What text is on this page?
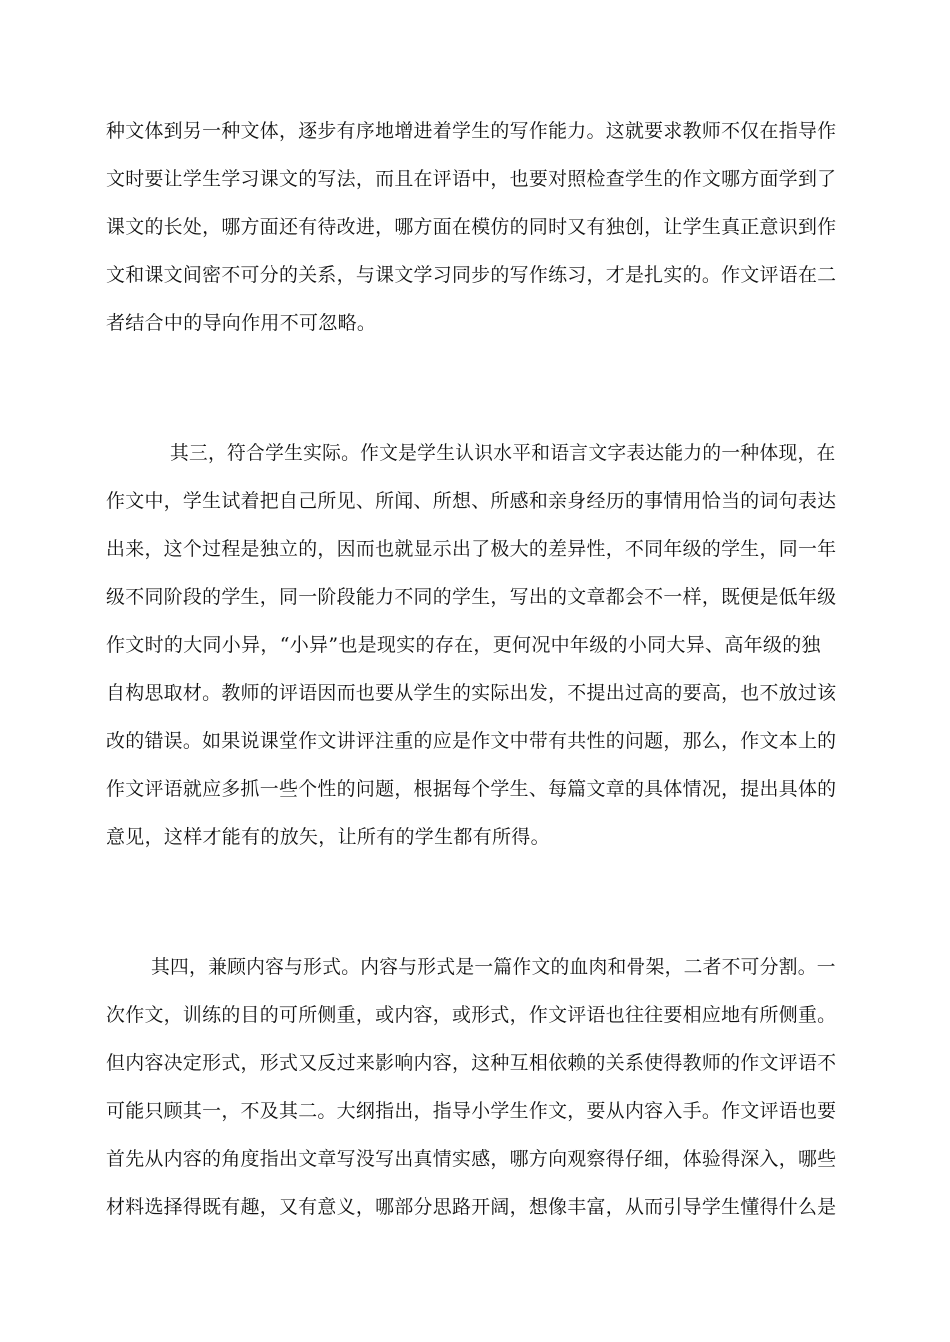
种文体到另一种文体，逐步有序地增进着学生的写作能力。这就要求教师不仅在指导作
文时要让学生学习课文的写法，而且在评语中，也要对照检查学生的作文哪方面学到了
课文的长处，哪方面还有待改进，哪方面在模仿的同时又有独创，让学生真正意识到作
文和课文间密不可分的关系，与课文学习同步的写作练习，才是扎实的。作文评语在二
者结合中的导向作用不可忽略。
其三，符合学生实际。作文是学生认识水平和语言文字表达能力的一种体现，在
作文中，学生试着把自己所见、所闻、所想、所感和亲身经历的事情用恰当的词句表达
出来，这个过程是独立的，因而也就显示出了极大的差异性，不同年级的学生，同一年
级不同阶段的学生，同一阶段能力不同的学生，写出的文章都会不一样，既便是低年级
作文时的大同小异，“小异”也是现实的存在，更何况中年级的小同大异、高年级的独
自构思取材。教师的评语因而也要从学生的实际出发，不提出过高的要高，也不放过该
改的错误。如果说课堂作文讲评注重的应是作文中带有共性的问题，那么，作文本上的
作文评语就应多抓一些个性的问题，根据每个学生、每篇文章的具体情况，提出具体的
意见，这样才能有的放矢，让所有的学生都有所得。
其四，兼顾内容与形式。内容与形式是一篇作文的血肉和骨架，二者不可分割。一
次作文，训练的目的可所侧重，或内容，或形式，作文评语也往往要相应地有所侧重。
但内容决定形式，形式又反过来影响内容，这种互相依赖的关系使得教师的作文评语不
可能只顾其一，不及其二。大纲指出，指导小学生作文，要从内容入手。作文评语也要
首先从内容的角度指出文章写没写出真情实感，哪方向观察得仔细，体验得深入，哪些
材料选择得既有趣，又有意义，哪部分思路开阔，想像丰富，从而引导学生懂得什么是
